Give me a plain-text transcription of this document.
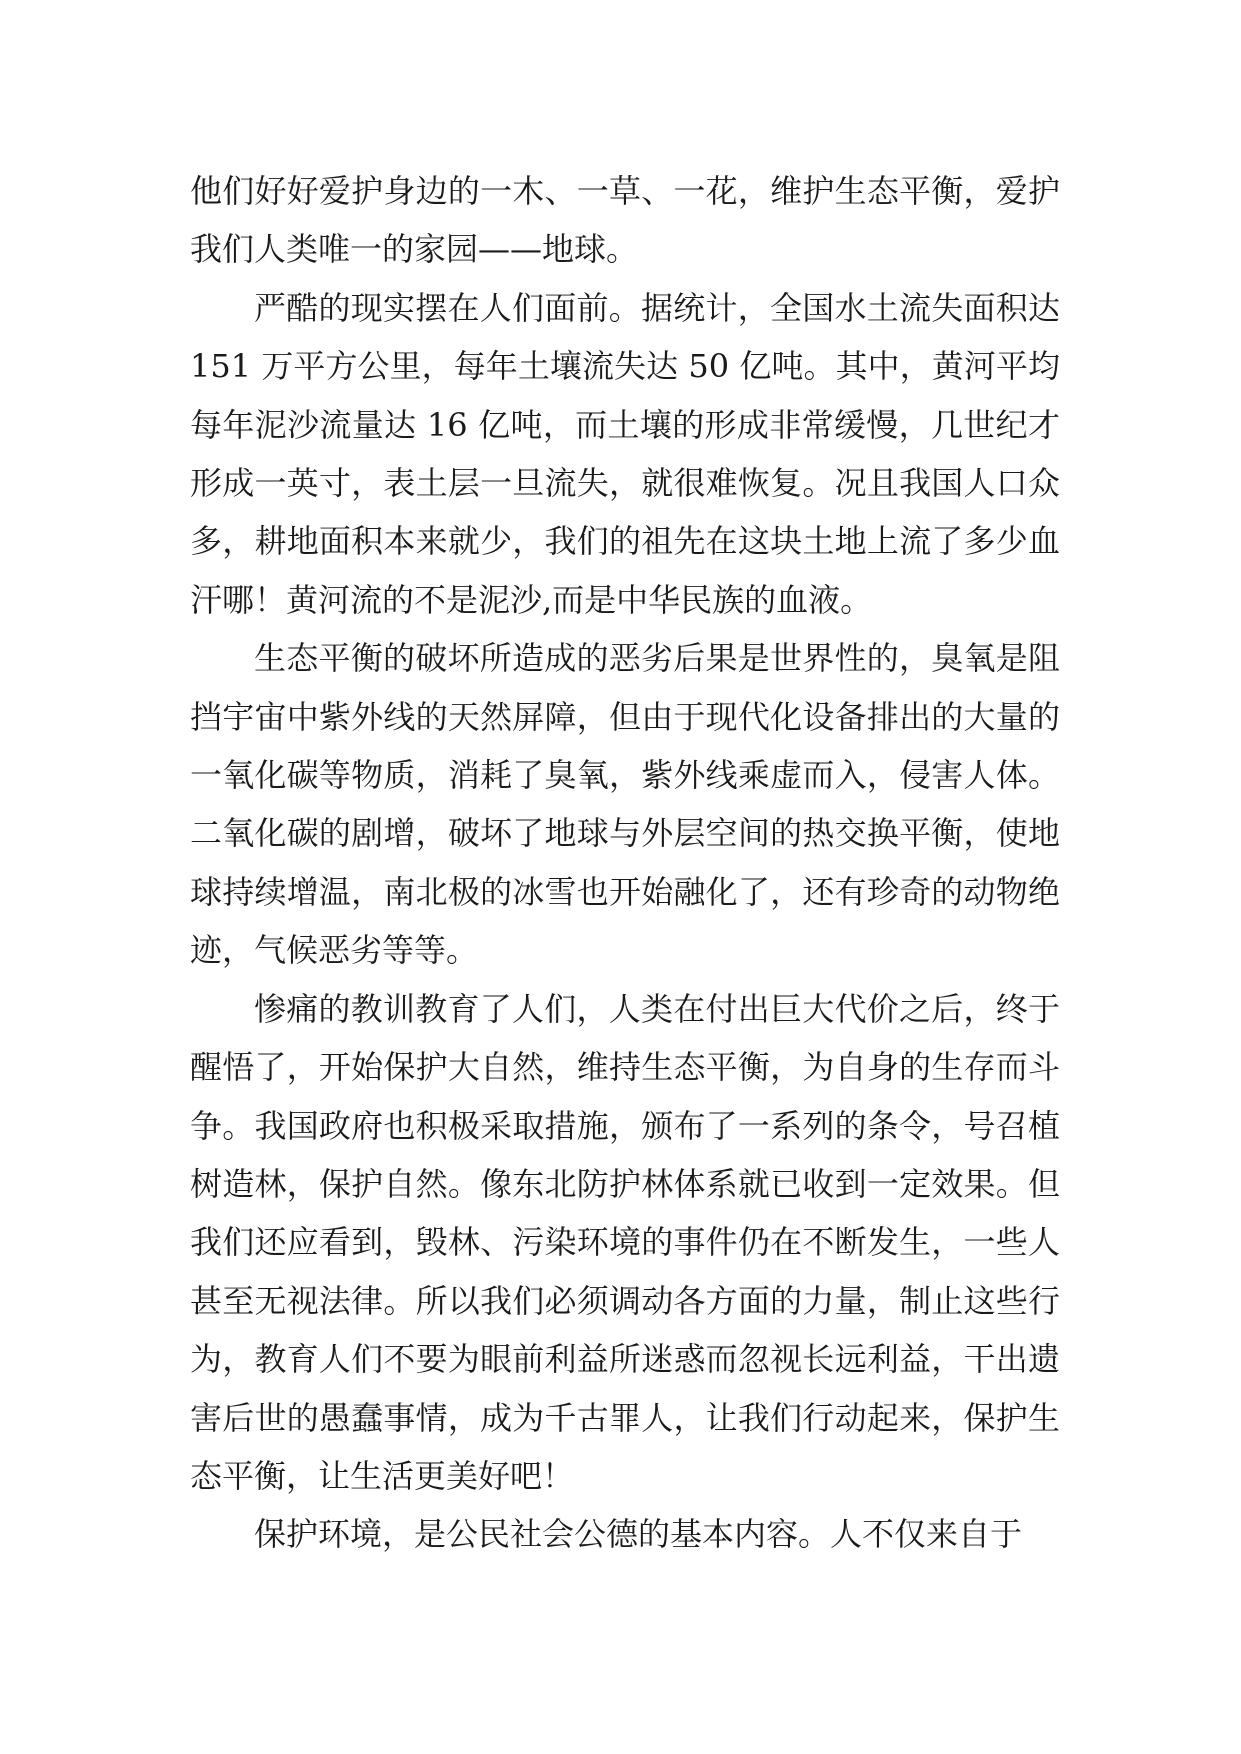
他们好好爱护身边的一木、一草、一花，维护生态平衡，爱护我们人类唯一的家园——地球。

严酷的现实摆在人们面前。据统计，全国水土流失面积达 151 万平方公里，每年土壤流失达 50 亿吨。其中，黄河平均每年泥沙流量达 16 亿吨，而土壤的形成非常缓慢，几世纪才形成一英寸，表土层一旦流失，就很难恢复。况且我国人口众多，耕地面积本来就少，我们的祖先在这块土地上流了多少血汗哪！黄河流的不是泥沙,而是中华民族的血液。

生态平衡的破坏所造成的恶劣后果是世界性的，臭氧是阻挡宇宙中紫外线的天然屏障，但由于现代化设备排出的大量的一氧化碳等物质，消耗了臭氧，紫外线乘虚而入，侵害人体。二氧化碳的剧增，破坏了地球与外层空间的热交换平衡，使地球持续增温，南北极的冰雪也开始融化了，还有珍奇的动物绝迹，气候恶劣等等。

惨痛的教训教育了人们，人类在付出巨大代价之后，终于醒悟了，开始保护大自然，维持生态平衡，为自身的生存而斗争。我国政府也积极采取措施，颁布了一系列的条令，号召植树造林，保护自然。像东北防护林体系就已收到一定效果。但我们还应看到，毁林、污染环境的事件仍在不断发生，一些人甚至无视法律。所以我们必须调动各方面的力量，制止这些行为，教育人们不要为眼前利益所迷惑而忽视长远利益，干出遗害后世的愚蠢事情，成为千古罪人，让我们行动起来，保护生态平衡，让生活更美好吧！

保护环境，是公民社会公德的基本内容。人不仅来自于
